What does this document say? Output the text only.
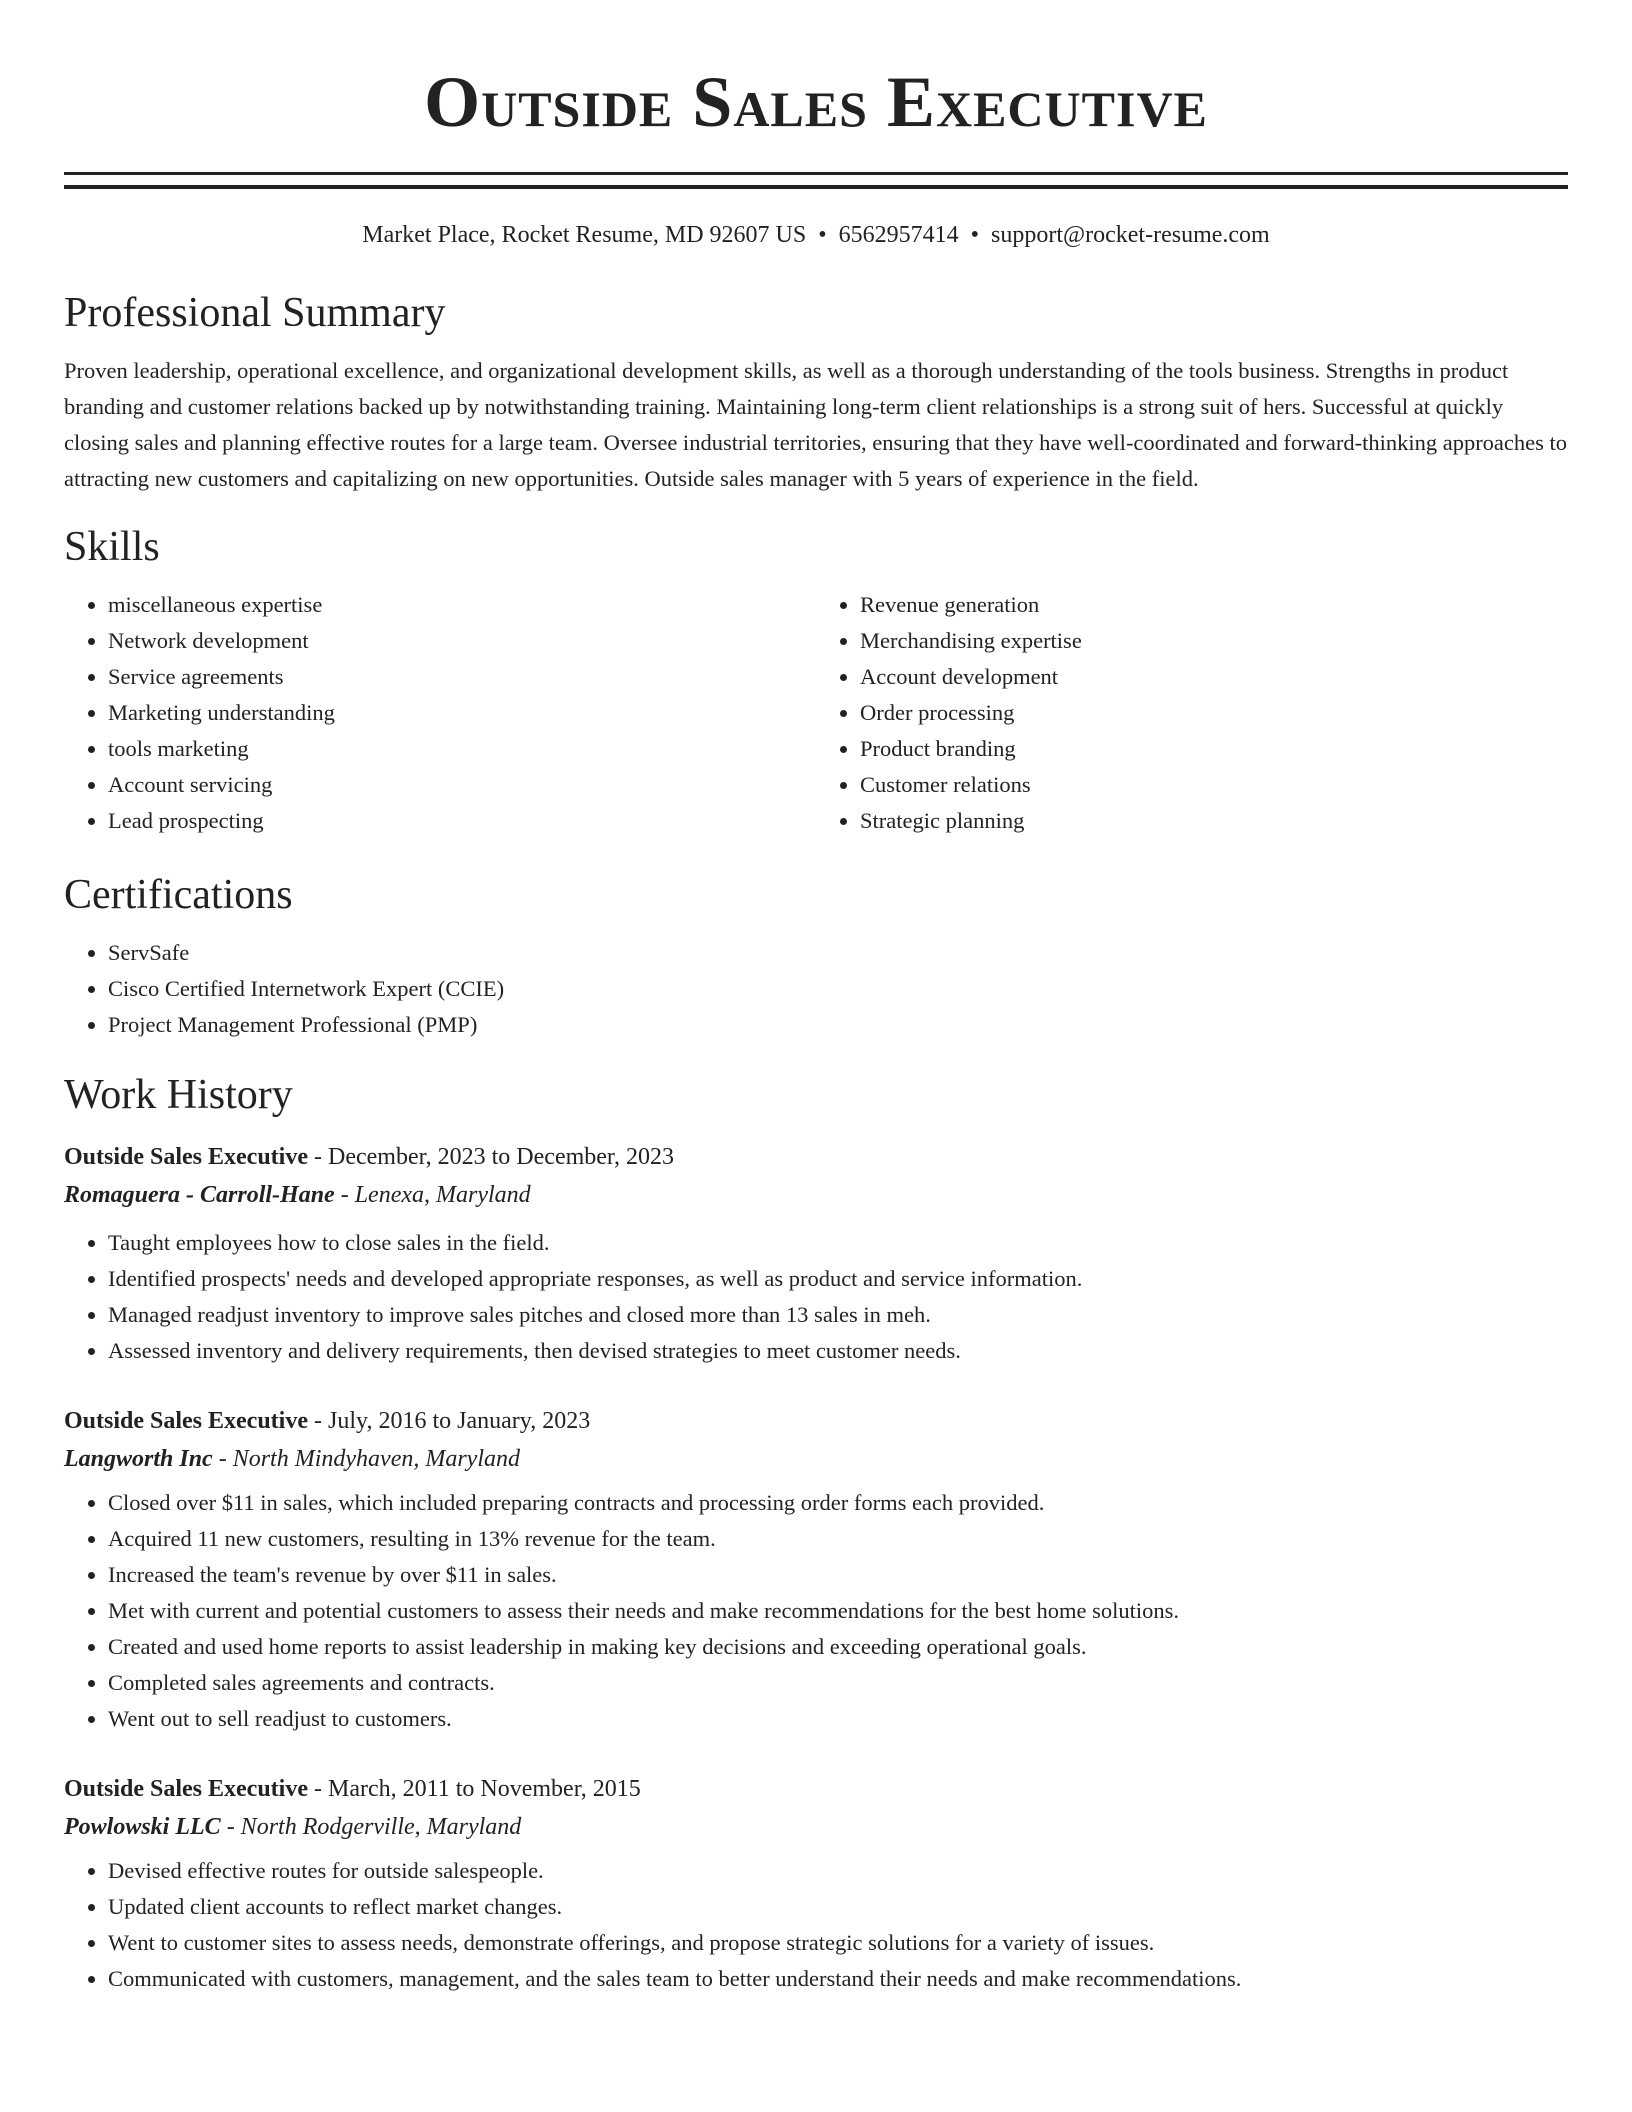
Outside Sales Executive
Market Place, Rocket Resume, MD 92607 US • 6562957414 • support@rocket-resume.com
Professional Summary

Proven leadership, operational excellence, and organizational development skills, as well as a thorough understanding of the tools business. Strengths in product branding and customer relations backed up by notwithstanding training. Maintaining long-term client relationships is a strong suit of hers. Successful at quickly closing sales and planning effective routes for a large team. Oversee industrial territories, ensuring that they have well-coordinated and forward-thinking approaches to attracting new customers and capitalizing on new opportunities. Outside sales manager with 5 years of experience in the field.

Skills
• miscellaneous expertise
• Network development
• Service agreements
• Marketing understanding
• tools marketing
• Account servicing
• Lead prospecting
• Revenue generation
• Merchandising expertise
• Account development
• Order processing
• Product branding
• Customer relations
• Strategic planning
Certifications
• ServSafe
• Cisco Certified Internetwork Expert (CCIE)
• Project Management Professional (PMP)
Work History
Outside Sales Executive - December, 2023 to December, 2023
Romaguera - Carroll-Hane - Lenexa, Maryland
• Taught employees how to close sales in the field.
• Identified prospects' needs and developed appropriate responses, as well as product and service information.
• Managed readjust inventory to improve sales pitches and closed more than 13 sales in meh.
• Assessed inventory and delivery requirements, then devised strategies to meet customer needs.
Outside Sales Executive - July, 2016 to January, 2023
Langworth Inc - North Mindyhaven, Maryland
• Closed over $11 in sales, which included preparing contracts and processing order forms each provided.
• Acquired 11 new customers, resulting in 13% revenue for the team.
• Increased the team's revenue by over $11 in sales.
• Met with current and potential customers to assess their needs and make recommendations for the best home solutions.
• Created and used home reports to assist leadership in making key decisions and exceeding operational goals.
• Completed sales agreements and contracts.
• Went out to sell readjust to customers.
Outside Sales Executive - March, 2011 to November, 2015
Powlowski LLC - North Rodgerville, Maryland
• Devised effective routes for outside salespeople.
• Updated client accounts to reflect market changes.
• Went to customer sites to assess needs, demonstrate offerings, and propose strategic solutions for a variety of issues.
• Communicated with customers, management, and the sales team to better understand their needs and make recommendations.
